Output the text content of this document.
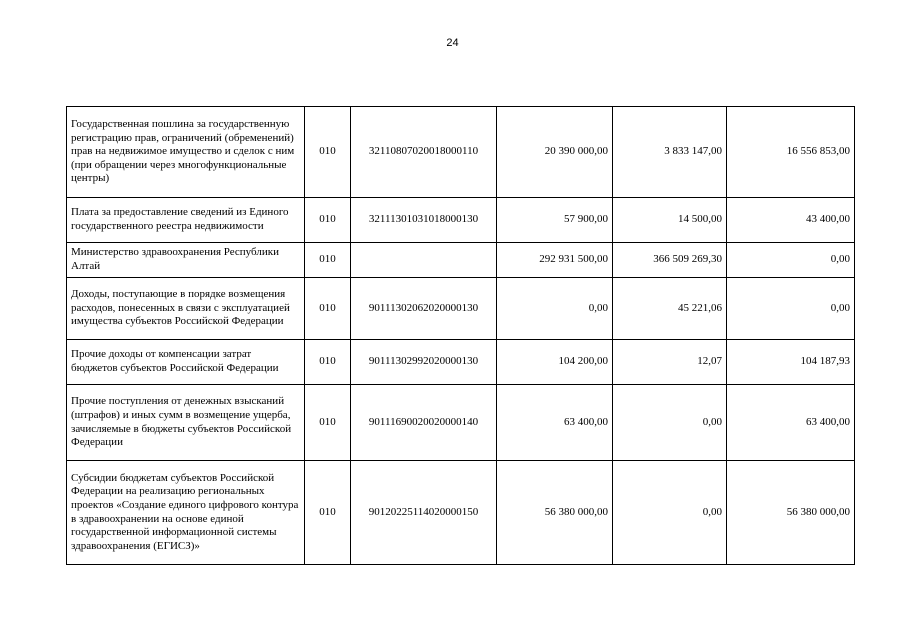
24
Государственная пошлина за государственную регистрацию прав, ограничений (обременений) прав на недвижимое имущество и сделок с ним (при обращении через многофункциональные центры)	010	32110807020018000110	20 390 000,00	3 833 147,00	16 556 853,00
Плата за предоставление сведений из Единого государственного реестра недвижимости	010	32111301031018000130	57 900,00	14 500,00	43 400,00
Министерство здравоохранения Республики Алтай	010		292 931 500,00	366 509 269,30	0,00
Доходы, поступающие в порядке возмещения расходов, понесенных в связи с эксплуатацией имущества субъектов Российской Федерации	010	90111302062020000130	0,00	45 221,06	0,00
Прочие доходы от компенсации затрат бюджетов субъектов Российской Федерации	010	90111302992020000130	104 200,00	12,07	104 187,93
Прочие поступления от денежных взысканий (штрафов) и иных сумм в возмещение ущерба, зачисляемые в бюджеты субъектов Российской Федерации	010	90111690020020000140	63 400,00	0,00	63 400,00
Субсидии бюджетам субъектов Российской Федерации на реализацию региональных проектов «Создание единого цифрового контура в здравоохранении на основе единой государственной информационной системы здравоохранения (ЕГИСЗ)»	010	90120225114020000150	56 380 000,00	0,00	56 380 000,00
